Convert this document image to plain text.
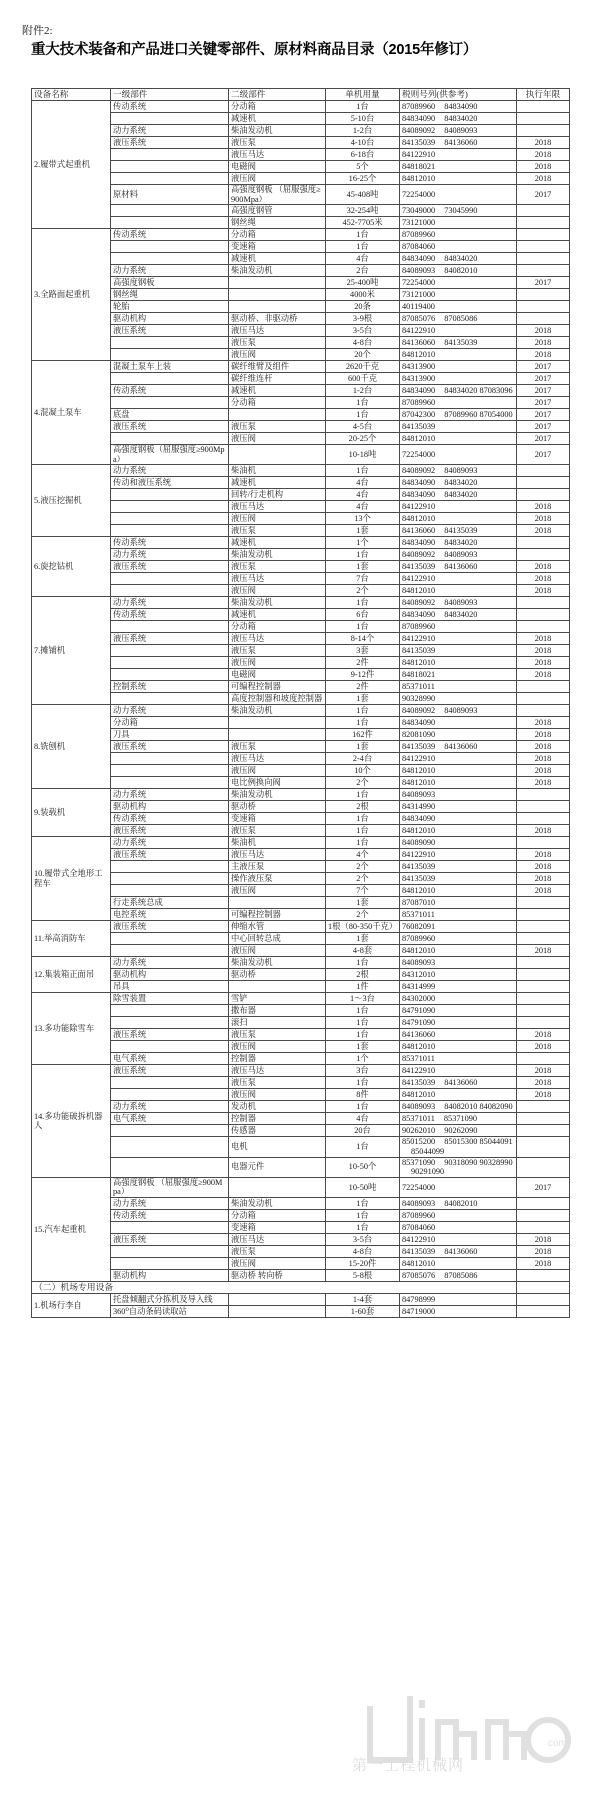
附件2:
重大技术装备和产品进口关键零部件、原材料商品目录（2015年修订）
设备名称	一级部件	二级部件	单机用量	税则号列(供参考)	执行年限
2.履带式起重机	传动系统	分动箱	1台	87089960 84834090	
		减速机	5-10台	84834090 84834020	
	动力系统	柴油发动机	1-2台	84089092 84089093	
	液压系统	液压泵	4-10台	84135039 84136060	2018
		液压马达	6-18台	84122910	2018
		电磁阀	5个	84818021	2018
		液压阀	16-25个	84812010	2018
	原材料	高强度钢板 （屈服强度≥900Mpa）	45-408吨	72254000	2017
		高强度钢管	32-254吨	73049000 73045990	
		钢丝绳	452-7705米	73121000	
3.全路面起重机	传动系统	分动箱	1台	87089960	
		变速箱	1台	87084060	
		减速机	4台	84834090 84834020	
	动力系统	柴油发动机	2台	84089093 84082010	
	高强度钢板		25-400吨	72254000	2017
	钢丝绳		4000米	73121000	
	轮胎		20条	40119400	
	驱动机构	驱动桥、非驱动桥	3-9根	87085076 87085086	
	液压系统	液压马达	3-5台	84122910	2018
		液压泵	4-8台	84136060 84135039	2018
		液压阀	20个	84812010	2018
4.混凝土泵车	混凝土泵车上装	碳纤维臂及组件	2620千克	84313900	2017
		碳纤维连杆	600千克	84313900	2017
	传动系统	减速机	1-2台	84834090 84834020 87083096	2017
		分动箱	1台	87089960	2017
	底盘		1台	87042300 87089960 87054000	2017
	液压系统	液压泵	4-5台	84135039	2017
		液压阀	20-25个	84812010	2017
	高强度钢板（屈服强度≥900Mpa）		10-18吨	72254000	2017
5.液压挖掘机	动力系统	柴油机	1台	84089092 84089093	
	传动和液压系统	减速机	4台	84834090 84834020	
		回转/行走机构	4台	84834090 84834020	
		液压马达	4台	84122910	2018
		液压阀	13个	84812010	2018
		液压泵	1套	84136060 84135039	2018
6.旋挖钻机	传动系统	减速机	1个	84834090 84834020	
	动力系统	柴油发动机	1台	84089092 84089093	
	液压系统	液压泵	1套	84135039 84136060	2018
		液压马达	7台	84122910	2018
		液压阀	2个	84812010	2018
7.摊铺机	动力系统	柴油发动机	1台	84089092 84089093	
	传动系统	减速机	6台	84834090 84834020	
		分动箱	1台	87089960	
	液压系统	液压马达	8-14个	84122910	2018
		液压泵	3套	84135039	2018
		液压阀	2件	84812010	2018
		电磁阀	9-12件	84818021	2018
	控制系统	可编程控制器	2件	85371011	
		高度控制器和坡度控制器	1套	90328990	
8.铣刨机	动力系统	柴油发动机	1台	84089092 84089093	
	分动箱		1台	84834090	2018
	刀具		162件	82081090	2018
	液压系统	液压泵	1套	84135039 84136060	2018
		液压马达	2-4台	84122910	2018
		液压阀	10个	84812010	2018
		电比例换向阀	2个	84812010	2018
9.装载机	动力系统	柴油发动机	1台	84089093	
	驱动机构	驱动桥	2根	84314990	
	传动系统	变速箱	1台	84834090	
	液压系统	液压泵	1台	84812010	2018
10.履带式全地形工程车	动力系统	柴油机	1台	84089090	
	液压系统	液压马达	4个	84122910	2018
		主液压泵	2个	84135039	2018
		操作液压泵	2个	84135039	2018
		液压阀	7个	84812010	2018
	行走系统总成		1套	87087010	
	电控系统	可编程控制器	2个	85371011	
11.举高消防车	液压系统	伸缩水管	1根（80-350千克）	76082091	
		中心回转总成	1套	87089960	
		液压阀	4-8套	84812010	2018
12.集装箱正面吊	动力系统	柴油发动机	1台	84089093	
	驱动机构	驱动桥	2根	84312010	
	吊具		1件	84314999	
13.多功能除雪车	除雪装置	雪铲	1～3台	84302000	
		撒布器	1台	84791090	
		滚扫	1台	84791090	
	液压系统	液压泵	1台	84136060	2018
		液压阀	1套	84812010	2018
	电气系统	控制器	1个	85371011	
14.多功能破拆机器人	液压系统	液压马达	3台	84122910	2018
		液压泵	1台	84135039 84136060	2018
		液压阀	8件	84812010	2018
	动力系统	发动机	1台	84089093 84082010 84082090	
	电气系统	控制器	4台	85371011 85371090	
		传感器	20台	90262010 90262090	
		电机	1台	85015200 85015300 8504409185044099	
		电器元件	10-50个	85371090 90318090 9032899090291090	
15.汽车起重机	高强度钢板 （屈服强度≥900Mpa）		10-50吨	72254000	2017
	动力系统	柴油发动机	1台	84089093 84082010	
	传动系统	分动箱	1台	87089960	
		变速箱	1台	87084060	
	液压系统	液压马达	3-5台	84122910	2018
		液压泵	4-8台	84135039 84136060	2018
		液压阀	15-20件	84812010	2018
	驱动机构	驱动桥 转向桥	5-8根	87085076 87085086	
（二）机场专用设备					
1.机场行李自	托盘倾翻式分拣机及导入线		1-4套	84798999	
	360⁰自动条码读取站		1-60套	84719000	
第一工程机械网
com
